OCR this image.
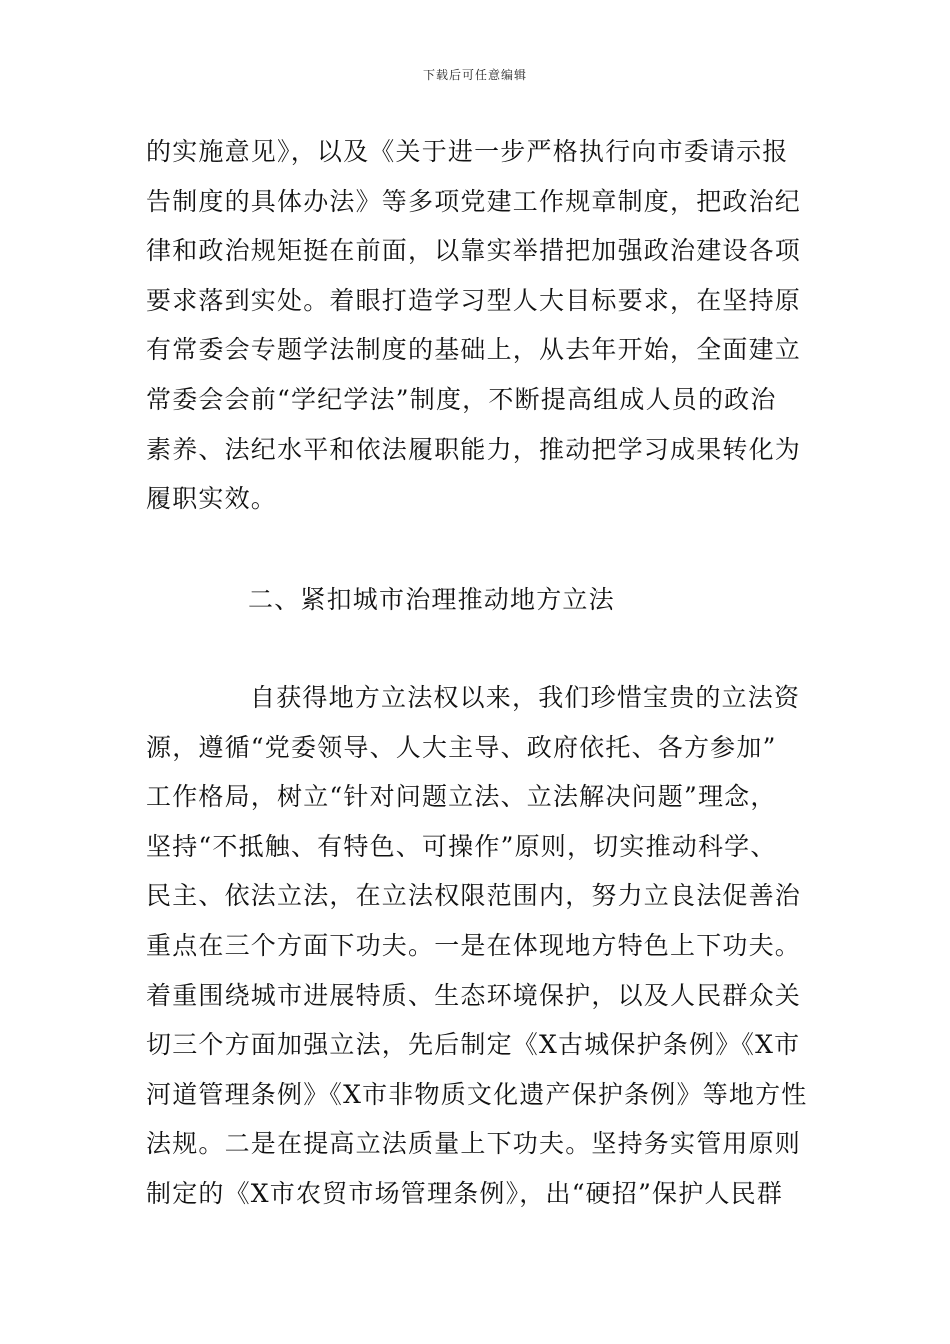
下载后可任意编辑
的实施意见》，以及《关于进一步严格执行向市委请示报
告制度的具体办法》等多项党建工作规章制度，把政治纪
律和政治规矩挺在前面，以靠实举措把加强政治建设各项
要求落到实处。着眼打造学习型人大目标要求，在坚持原
有常委会专题学法制度的基础上，从去年开始，全面建立
常委会会前“学纪学法”制度，不断提高组成人员的政治
素养、法纪水平和依法履职能力，推动把学习成果转化为
履职实效。
二、紧扣城市治理推动地方立法
自获得地方立法权以来，我们珍惜宝贵的立法资
源，遵循“党委领导、人大主导、政府依托、各方参加”
工作格局，树立“针对问题立法、立法解决问题”理念，
坚持“不抵触、有特色、可操作”原则，切实推动科学、
民主、依法立法，在立法权限范围内，努力立良法促善治
重点在三个方面下功夫。一是在体现地方特色上下功夫。
着重围绕城市进展特质、生态环境保护，以及人民群众关
切三个方面加强立法，先后制定《X古城保护条例》《X市
河道管理条例》《X市非物质文化遗产保护条例》等地方性
法规。二是在提高立法质量上下功夫。坚持务实管用原则
制定的《X市农贸市场管理条例》，出“硬招”保护人民群
